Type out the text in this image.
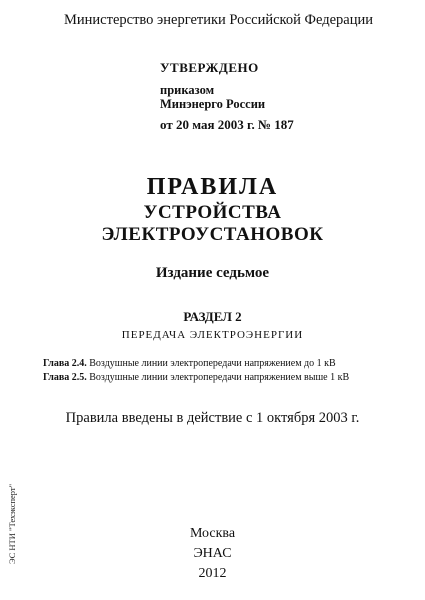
Министерство энергетики Российской Федерации
УТВЕРЖДЕНО
приказом
Минэнерго России
от 20 мая 2003 г. № 187
ПРАВИЛА
УСТРОЙСТВА
ЭЛЕКТРОУСТАНОВОК
Издание седьмое
РАЗДЕЛ 2
ПЕРЕДАЧА ЭЛЕКТРОЭНЕРГИИ
Глава 2.4. Воздушные линии электропередачи напряжением до 1 кВ
Глава 2.5. Воздушные линии электропередачи напряжением выше 1 кВ
Правила введены в действие с 1 октября 2003 г.
Москва
ЭНАС
2012
ЭС НТИ "Техэксперт"
